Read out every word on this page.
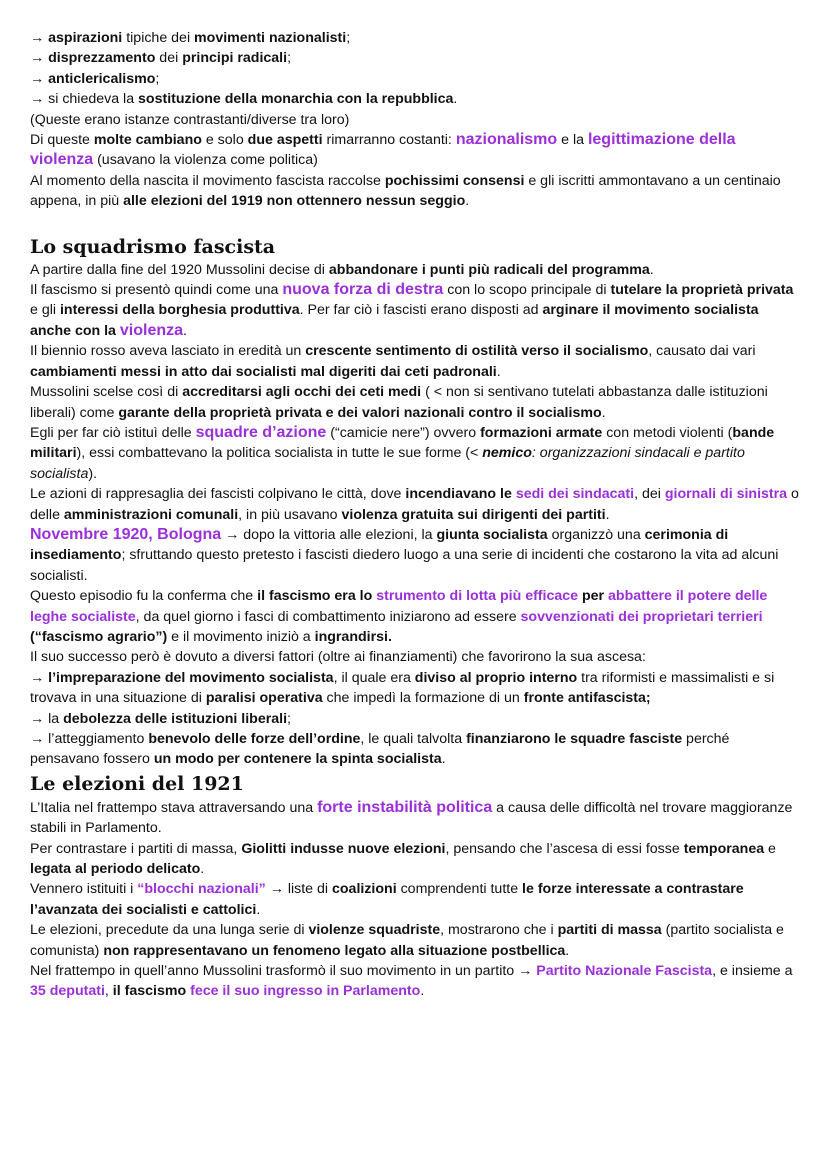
→ aspirazioni tipiche dei movimenti nazionalisti;

→ disprezzamento dei principi radicali;

→ anticlericalismo;

→ si chiedeva la sostituzione della monarchia con la repubblica.

(Queste erano istanze contrastanti/diverse tra loro)

Di queste molte cambiano e solo due aspetti rimarranno costanti: nazionalismo e la legittimazione della violenza (usavano la violenza come politica)

Al momento della nascita il movimento fascista raccolse pochissimi consensi e gli iscritti ammontavano a un centinaio appena, in più alle elezioni del 1919 non ottennero nessun seggio.

Lo squadrismo fascista

A partire dalla fine del 1920 Mussolini decise di abbandonare i punti più radicali del programma.

Il fascismo si presentò quindi come una nuova forza di destra con lo scopo principale di tutelare la proprietà privata e gli interessi della borghesia produttiva. Per far ciò i fascisti erano disposti ad arginare il movimento socialista anche con la violenza.

Il biennio rosso aveva lasciato in eredità un crescente sentimento di ostilità verso il socialismo, causato dai vari cambiamenti messi in atto dai socialisti mal digeriti dai ceti padronali.

Mussolini scelse così di accreditarsi agli occhi dei ceti medi ( < non si sentivano tutelati abbastanza dalle istituzioni liberali) come garante della proprietà privata e dei valori nazionali contro il socialismo.

Egli per far ciò istituì delle squadre d’azione (“camicie nere”) ovvero formazioni armate con metodi violenti (bande militari), essi combattevano la politica socialista in tutte le sue forme (< nemico: organizzazioni sindacali e partito socialista).

Le azioni di rappresaglia dei fascisti colpivano le città, dove incendiavano le sedi dei sindacati, dei giornali di sinistra o delle amministrazioni comunali, in più usavano violenza gratuita sui dirigenti dei partiti.

Novembre 1920, Bologna → dopo la vittoria alle elezioni, la giunta socialista organizzò una cerimonia di insediamento; sfruttando questo pretesto i fascisti diedero luogo a una serie di incidenti che costarono la vita ad alcuni socialisti.

Questo episodio fu la conferma che il fascismo era lo strumento di lotta più efficace per abbattere il potere delle leghe socialiste, da quel giorno i fasci di combattimento iniziarono ad essere sovvenzionati dei proprietari terrieri (“fascismo agrario”) e il movimento iniziò a ingrandirsi.

Il suo successo però è dovuto a diversi fattori (oltre ai finanziamenti) che favorirono la sua ascesa:

→ l’impreparazione del movimento socialista, il quale era diviso al proprio interno tra riformisti e massimalisti e si trovava in una situazione di paralisi operativa che impedì la formazione di un fronte antifascista;

→ la debolezza delle istituzioni liberali;

→ l’atteggiamento benevolo delle forze dell’ordine, le quali talvolta finanziarono le squadre fasciste perché pensavano fossero un modo per contenere la spinta socialista.

Le elezioni del 1921

L’Italia nel frattempo stava attraversando una forte instabilità politica a causa delle difficoltà nel trovare maggioranze stabili in Parlamento.

Per contrastare i partiti di massa, Giolitti indusse nuove elezioni, pensando che l’ascesa di essi fosse temporanea e legata al periodo delicato.

Vennero istituiti i “blocchi nazionali” → liste di coalizioni comprendenti tutte le forze interessate a contrastare l’avanzata dei socialisti e cattolici.

Le elezioni, precedute da una lunga serie di violenze squadriste, mostrarono che i partiti di massa (partito socialista e comunista) non rappresentavano un fenomeno legato alla situazione postbellica.

Nel frattempo in quell’anno Mussolini trasformò il suo movimento in un partito → Partito Nazionale Fascista, e insieme a 35 deputati, il fascismo fece il suo ingresso in Parlamento.
